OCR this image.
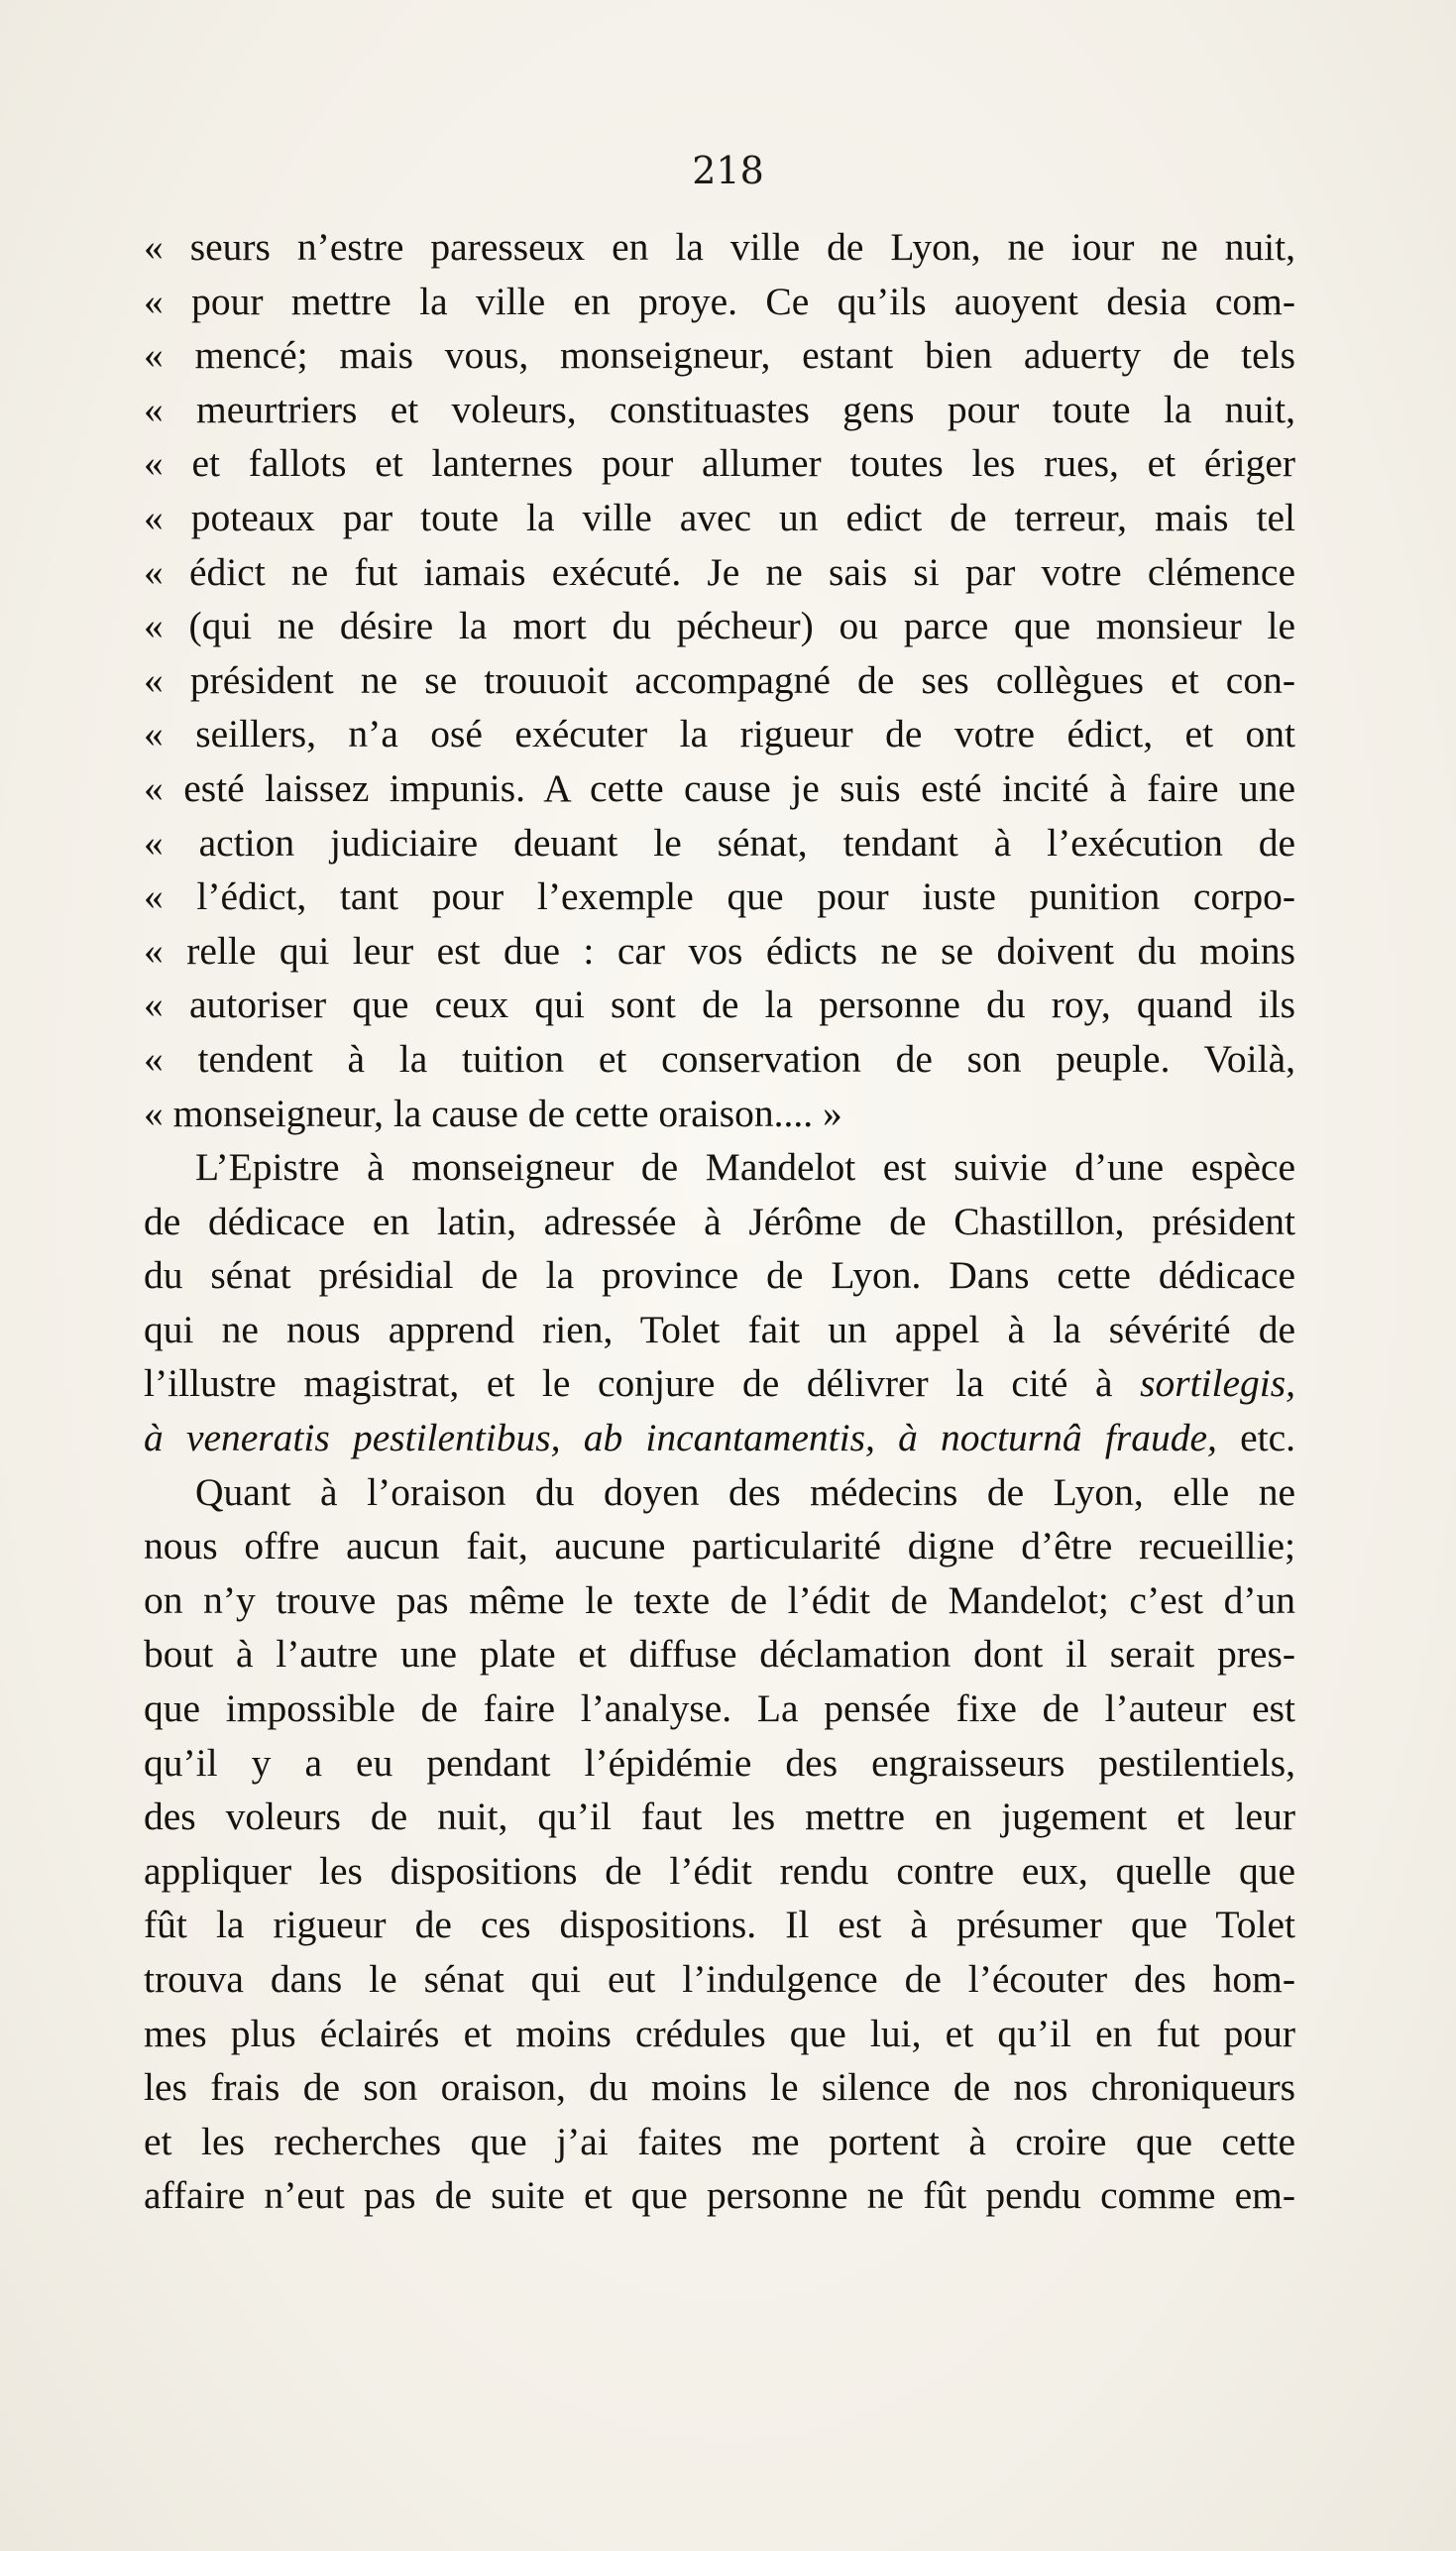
218
« seurs n’estre paresseux en la ville de Lyon, ne iour ne nuit,
« pour mettre la ville en proye. Ce qu’ils auoyent desia com-
« mencé; mais vous, monseigneur, estant bien aduerty de tels
« meurtriers et voleurs, constituastes gens pour toute la nuit,
« et fallots et lanternes pour allumer toutes les rues, et ériger
« poteaux par toute la ville avec un edict de terreur, mais tel
« édict ne fut iamais exécuté. Je ne sais si par votre clémence
« (qui ne désire la mort du pécheur) ou parce que monsieur le
« président ne se trouuoit accompagné de ses collègues et con-
« seillers, n’a osé exécuter la rigueur de votre édict, et ont
« esté laissez impunis. A cette cause je suis esté incité à faire une
« action judiciaire deuant le sénat, tendant à l’exécution de
« l’édict, tant pour l’exemple que pour iuste punition corpo-
« relle qui leur est due : car vos édicts ne se doivent du moins
« autoriser que ceux qui sont de la personne du roy, quand ils
« tendent à la tuition et conservation de son peuple. Voilà,
« monseigneur, la cause de cette oraison.... »
L’Epistre à monseigneur de Mandelot est suivie d’une espèce
de dédicace en latin, adressée à Jérôme de Chastillon, président
du sénat présidial de la province de Lyon. Dans cette dédicace
qui ne nous apprend rien, Tolet fait un appel à la sévérité de
l’illustre magistrat, et le conjure de délivrer la cité à sortilegis,
à veneratis pestilentibus, ab incantamentis, à nocturnâ fraude, etc.
Quant à l’oraison du doyen des médecins de Lyon, elle ne
nous offre aucun fait, aucune particularité digne d’être recueillie;
on n’y trouve pas même le texte de l’édit de Mandelot; c’est d’un
bout à l’autre une plate et diffuse déclamation dont il serait pres-
que impossible de faire l’analyse. La pensée fixe de l’auteur est
qu’il y a eu pendant l’épidémie des engraisseurs pestilentiels,
des voleurs de nuit, qu’il faut les mettre en jugement et leur
appliquer les dispositions de l’édit rendu contre eux, quelle que
fût la rigueur de ces dispositions. Il est à présumer que Tolet
trouva dans le sénat qui eut l’indulgence de l’écouter des hom-
mes plus éclairés et moins crédules que lui, et qu’il en fut pour
les frais de son oraison, du moins le silence de nos chroniqueurs
et les recherches que j’ai faites me portent à croire que cette
affaire n’eut pas de suite et que personne ne fût pendu comme em-
